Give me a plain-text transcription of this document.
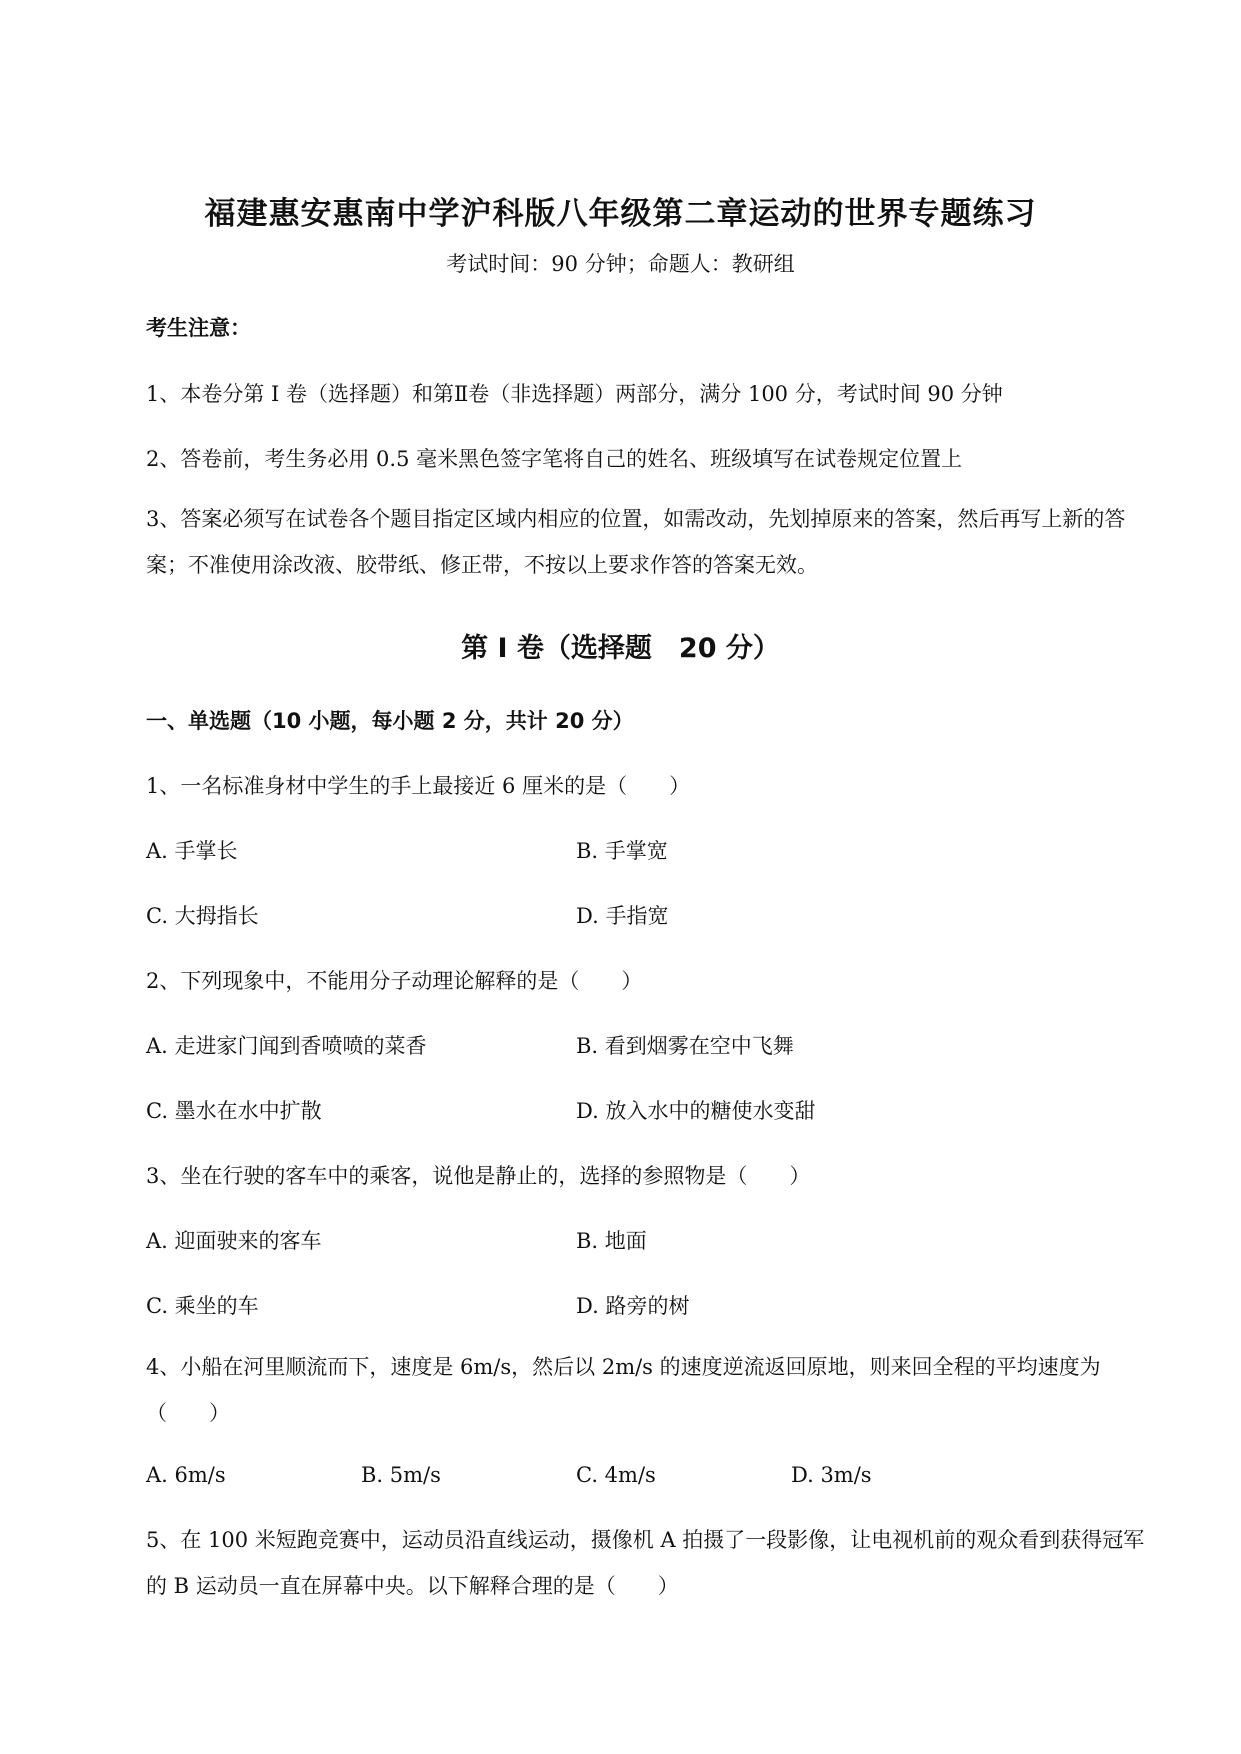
福建惠安惠南中学沪科版八年级第二章运动的世界专题练习
考试时间：90 分钟；命题人：教研组
考生注意：
1、本卷分第 I 卷（选择题）和第Ⅱ卷（非选择题）两部分，满分 100 分，考试时间 90 分钟
2、答卷前，考生务必用 0.5 毫米黑色签字笔将自己的姓名、班级填写在试卷规定位置上
3、答案必须写在试卷各个题目指定区域内相应的位置，如需改动，先划掉原来的答案，然后再写上新的答案；不准使用涂改液、胶带纸、修正带，不按以上要求作答的答案无效。
第 I 卷（选择题　20 分）
一、单选题（10 小题，每小题 2 分，共计 20 分）
1、一名标准身材中学生的手上最接近 6 厘米的是（　　）
A. 手掌长	B. 手掌宽
C. 大拇指长	D. 手指宽
2、下列现象中，不能用分子动理论解释的是（　　）
A. 走进家门闻到香喷喷的菜香	B. 看到烟雾在空中飞舞
C. 墨水在水中扩散	D. 放入水中的糖使水变甜
3、坐在行驶的客车中的乘客，说他是静止的，选择的参照物是（　　）
A. 迎面驶来的客车	B. 地面
C. 乘坐的车	D. 路旁的树
4、小船在河里顺流而下，速度是 6m/s，然后以 2m/s 的速度逆流返回原地，则来回全程的平均速度为（　　）
A. 6m/s	B. 5m/s	C. 4m/s	D. 3m/s
5、在 100 米短跑竞赛中，运动员沿直线运动，摄像机 A 拍摄了一段影像，让电视机前的观众看到获得冠军的 B 运动员一直在屏幕中央。以下解释合理的是（　　）
